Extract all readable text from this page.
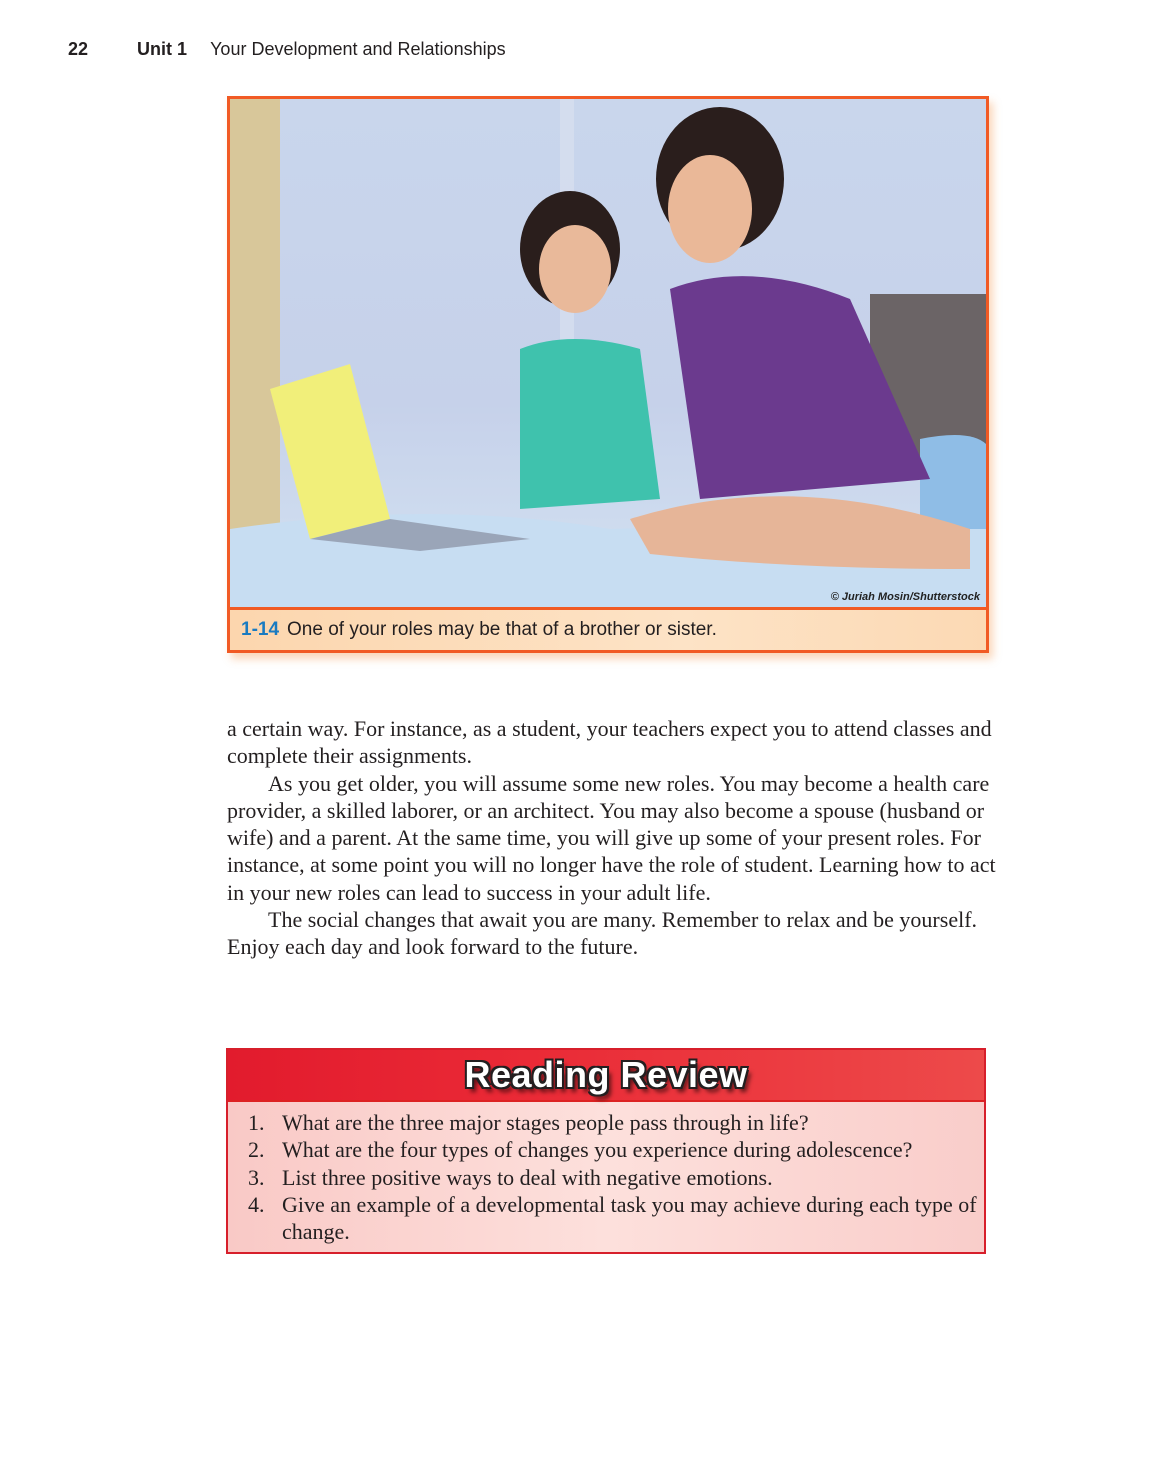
22	Unit 1 Your Development and Relationships
© Juriah Mosin/Shutterstock
1-14 One of your roles may be that of a brother or sister.

a certain way. For instance, as a student, your teachers expect you to attend classes and complete their assignments.

As you get older, you will assume some new roles. You may become a health care provider, a skilled laborer, or an architect. You may also become a spouse (husband or wife) and a parent. At the same time, you will give up some of your present roles. For instance, at some point you will no longer have the role of student. Learning how to act in your new roles can lead to success in your adult life.

The social changes that await you are many. Remember to relax and be yourself. Enjoy each day and look forward to the future.

Reading Review
1. What are the three major stages people pass through in life?
2. What are the four types of changes you experience during adolescence?
3. List three positive ways to deal with negative emotions.
4. Give an example of a developmental task you may achieve during each type of change.
